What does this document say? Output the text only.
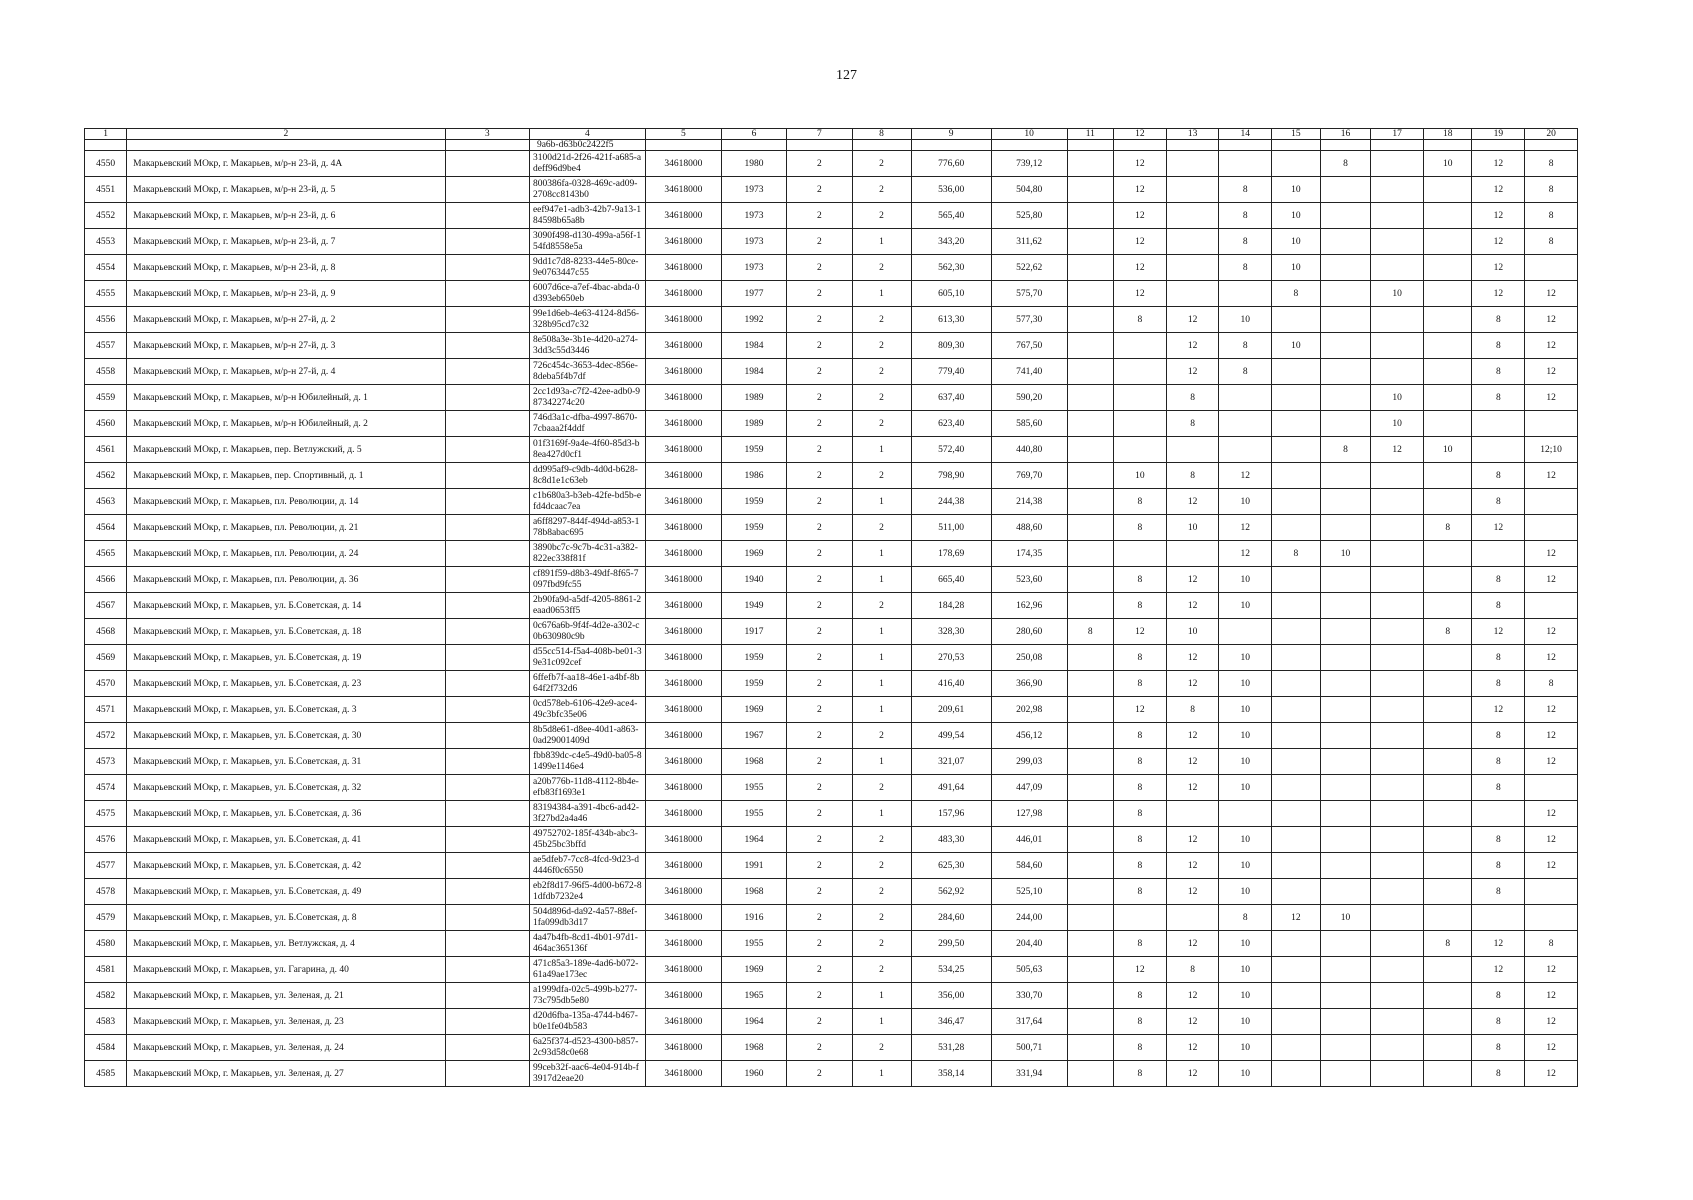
127
1	2	3	4	5	6	7	8	9	10	11	12	13	14	15	16	17	18	19	20
			9a6b-d63b0c2422f5																
4550	Макарьевский МОкр, г. Макарьев, м/р-н 23-й, д. 4А		3100d21d-2f26-421f-a685-adeff96d9be4	34618000	1980	2	2	776,60	739,12		12				8		10	12	8
4551	Макарьевский МОкр, г. Макарьев, м/р-н 23-й, д. 5		800386fa-0328-469c-ad09-2708cc8143b0	34618000	1973	2	2	536,00	504,80		12		8	10				12	8
4552	Макарьевский МОкр, г. Макарьев, м/р-н 23-й, д. 6		eef947e1-adb3-42b7-9a13-184598b65a8b	34618000	1973	2	2	565,40	525,80		12		8	10				12	8
4553	Макарьевский МОкр, г. Макарьев, м/р-н 23-й, д. 7		3090f498-d130-499a-a56f-154fd8558e5a	34618000	1973	2	1	343,20	311,62		12		8	10				12	8
4554	Макарьевский МОкр, г. Макарьев, м/р-н 23-й, д. 8		9dd1c7d8-8233-44e5-80ce-9e0763447c55	34618000	1973	2	2	562,30	522,62		12		8	10				12	
4555	Макарьевский МОкр, г. Макарьев, м/р-н 23-й, д. 9		6007d6ce-a7ef-4bac-abda-0d393eb650eb	34618000	1977	2	1	605,10	575,70		12			8		10		12	12
4556	Макарьевский МОкр, г. Макарьев, м/р-н 27-й, д. 2		99e1d6eb-4e63-4124-8d56-328b95cd7c32	34618000	1992	2	2	613,30	577,30		8	12	10					8	12
4557	Макарьевский МОкр, г. Макарьев, м/р-н 27-й, д. 3		8e508a3e-3b1e-4d20-a274-3dd3c55d3446	34618000	1984	2	2	809,30	767,50			12	8	10				8	12
4558	Макарьевский МОкр, г. Макарьев, м/р-н 27-й, д. 4		726c454c-3653-4dec-856e-8deba5f4b7df	34618000	1984	2	2	779,40	741,40			12	8					8	12
4559	Макарьевский МОкр, г. Макарьев, м/р-н Юбилейный, д. 1		2cc1d93a-c7f2-42ee-adb0-987342274c20	34618000	1989	2	2	637,40	590,20			8				10		8	12
4560	Макарьевский МОкр, г. Макарьев, м/р-н Юбилейный, д. 2		746d3a1c-dfba-4997-8670-7cbaaa2f4ddf	34618000	1989	2	2	623,40	585,60			8				10			
4561	Макарьевский МОкр, г. Макарьев, пер. Ветлужский, д. 5		01f3169f-9a4e-4f60-85d3-b8ea427d0cf1	34618000	1959	2	1	572,40	440,80						8	12	10		12;10
4562	Макарьевский МОкр, г. Макарьев, пер. Спортивный, д. 1		dd995af9-c9db-4d0d-b628-8c8d1e1c63eb	34618000	1986	2	2	798,90	769,70		10	8	12					8	12
4563	Макарьевский МОкр, г. Макарьев, пл. Революции, д. 14		c1b680a3-b3eb-42fe-bd5b-efd4dcaac7ea	34618000	1959	2	1	244,38	214,38		8	12	10					8	
4564	Макарьевский МОкр, г. Макарьев, пл. Революции, д. 21		a6ff8297-844f-494d-a853-178b8abac695	34618000	1959	2	2	511,00	488,60		8	10	12				8	12	
4565	Макарьевский МОкр, г. Макарьев, пл. Революции, д. 24		3890bc7c-9c7b-4c31-a382-822ec338f81f	34618000	1969	2	1	178,69	174,35				12	8	10				12
4566	Макарьевский МОкр, г. Макарьев, пл. Революции, д. 36		cf891f59-d8b3-49df-8f65-7097fbd9fc55	34618000	1940	2	1	665,40	523,60		8	12	10					8	12
4567	Макарьевский МОкр, г. Макарьев, ул. Б.Советская, д. 14		2b90fa9d-a5df-4205-8861-2eaad0653ff5	34618000	1949	2	2	184,28	162,96		8	12	10					8	
4568	Макарьевский МОкр, г. Макарьев, ул. Б.Советская, д. 18		0c676a6b-9f4f-4d2e-a302-c0b630980c9b	34618000	1917	2	1	328,30	280,60	8	12	10					8	12	12
4569	Макарьевский МОкр, г. Макарьев, ул. Б.Советская, д. 19		d55cc514-f5a4-408b-be01-39e31c092cef	34618000	1959	2	1	270,53	250,08		8	12	10					8	12
4570	Макарьевский МОкр, г. Макарьев, ул. Б.Советская, д. 23		6ffefb7f-aa18-46e1-a4bf-8b64f2f732d6	34618000	1959	2	1	416,40	366,90		8	12	10					8	8
4571	Макарьевский МОкр, г. Макарьев, ул. Б.Советская, д. 3		0cd578eb-6106-42e9-ace4-49c3bfc35e06	34618000	1969	2	1	209,61	202,98		12	8	10					12	12
4572	Макарьевский МОкр, г. Макарьев, ул. Б.Советская, д. 30		8b5d8e61-d8ee-40d1-a863-0ad29001409d	34618000	1967	2	2	499,54	456,12		8	12	10					8	12
4573	Макарьевский МОкр, г. Макарьев, ул. Б.Советская, д. 31		fbb839dc-c4e5-49d0-ba05-81499e1146e4	34618000	1968	2	1	321,07	299,03		8	12	10					8	12
4574	Макарьевский МОкр, г. Макарьев, ул. Б.Советская, д. 32		a20b776b-11d8-4112-8b4e-efb83f1693e1	34618000	1955	2	2	491,64	447,09		8	12	10					8	
4575	Макарьевский МОкр, г. Макарьев, ул. Б.Советская, д. 36		83194384-a391-4bc6-ad42-3f27bd2a4a46	34618000	1955	2	1	157,96	127,98		8								12
4576	Макарьевский МОкр, г. Макарьев, ул. Б.Советская, д. 41		49752702-185f-434b-abc3-45b25bc3bffd	34618000	1964	2	2	483,30	446,01		8	12	10					8	12
4577	Макарьевский МОкр, г. Макарьев, ул. Б.Советская, д. 42		ae5dfeb7-7cc8-4fcd-9d23-d4446f0c6550	34618000	1991	2	2	625,30	584,60		8	12	10					8	12
4578	Макарьевский МОкр, г. Макарьев, ул. Б.Советская, д. 49		eb2f8d17-96f5-4d00-b672-81dfdb7232e4	34618000	1968	2	2	562,92	525,10		8	12	10					8	
4579	Макарьевский МОкр, г. Макарьев, ул. Б.Советская, д. 8		504d896d-da92-4a57-88ef-1fa099db3d17	34618000	1916	2	2	284,60	244,00				8	12	10				
4580	Макарьевский МОкр, г. Макарьев, ул. Ветлужская, д. 4		4a47b4fb-8cd1-4b01-97d1-464ac365136f	34618000	1955	2	2	299,50	204,40		8	12	10				8	12	8
4581	Макарьевский МОкр, г. Макарьев, ул. Гагарина, д. 40		471c85a3-189e-4ad6-b072-61a49ae173ec	34618000	1969	2	2	534,25	505,63		12	8	10					12	12
4582	Макарьевский МОкр, г. Макарьев, ул. Зеленая, д. 21		a1999dfa-02c5-499b-b277-73c795db5e80	34618000	1965	2	1	356,00	330,70		8	12	10					8	12
4583	Макарьевский МОкр, г. Макарьев, ул. Зеленая, д. 23		d20d6fba-135a-4744-b467-b0e1fe04b583	34618000	1964	2	1	346,47	317,64		8	12	10					8	12
4584	Макарьевский МОкр, г. Макарьев, ул. Зеленая, д. 24		6a25f374-d523-4300-b857-2c93d58c0e68	34618000	1968	2	2	531,28	500,71		8	12	10					8	12
4585	Макарьевский МОкр, г. Макарьев, ул. Зеленая, д. 27		99ceb32f-aac6-4e04-914b-f3917d2eae20	34618000	1960	2	1	358,14	331,94		8	12	10					8	12
